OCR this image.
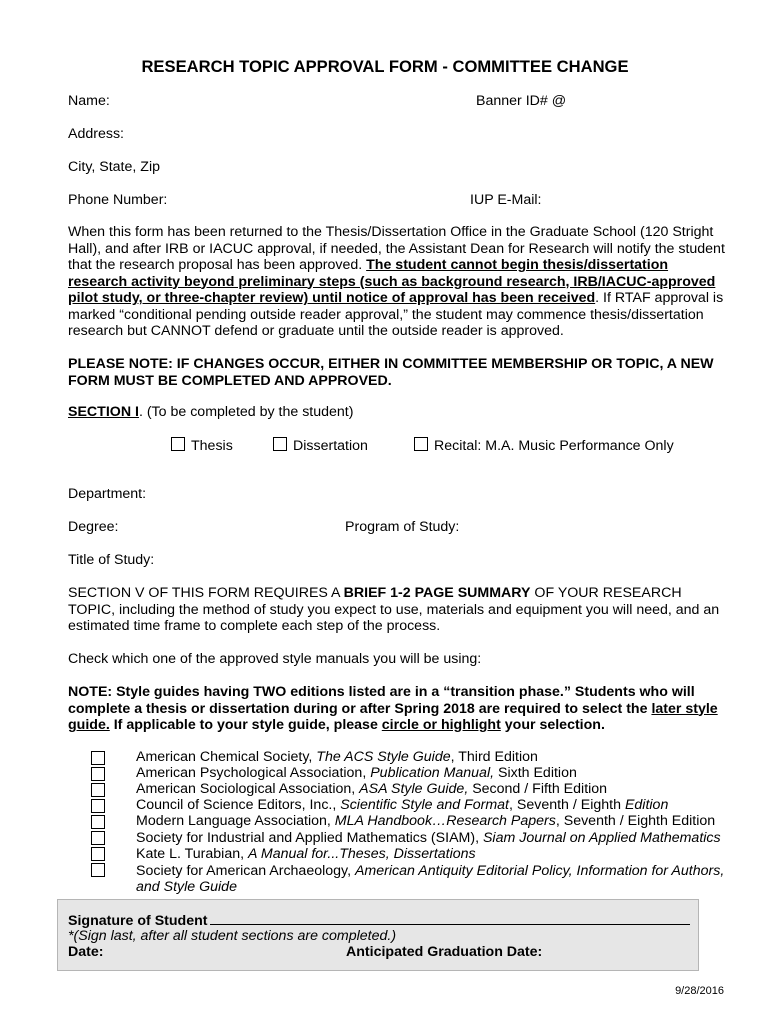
RESEARCH TOPIC APPROVAL FORM - COMMITTEE CHANGE
Name:	Banner ID# @
Address:
City, State, Zip
Phone Number:	IUP E-Mail:
When this form has been returned to the Thesis/Dissertation Office in the Graduate School (120 Stright Hall), and after IRB or IACUC approval, if needed, the Assistant Dean for Research will notify the student that the research proposal has been approved. The student cannot begin thesis/dissertation research activity beyond preliminary steps (such as background research, IRB/IACUC-approved pilot study, or three-chapter review) until notice of approval has been received. If RTAF approval is marked “conditional pending outside reader approval,” the student may commence thesis/dissertation research but CANNOT defend or graduate until the outside reader is approved.
PLEASE NOTE: IF CHANGES OCCUR, EITHER IN COMMITTEE MEMBERSHIP OR TOPIC, A NEW FORM MUST BE COMPLETED AND APPROVED.
SECTION I. (To be completed by the student)
Thesis	Dissertation	Recital: M.A. Music Performance Only
Department:
Degree:	Program of Study:
Title of Study:
SECTION V OF THIS FORM REQUIRES A BRIEF 1-2 PAGE SUMMARY OF YOUR RESEARCH TOPIC, including the method of study you expect to use, materials and equipment you will need, and an estimated time frame to complete each step of the process.
Check which one of the approved style manuals you will be using:
NOTE: Style guides having TWO editions listed are in a “transition phase.” Students who will complete a thesis or dissertation during or after Spring 2018 are required to select the later style guide. If applicable to your style guide, please circle or highlight your selection.
American Chemical Society, The ACS Style Guide, Third Edition
American Psychological Association, Publication Manual, Sixth Edition
American Sociological Association, ASA Style Guide, Second / Fifth Edition
Council of Science Editors, Inc., Scientific Style and Format, Seventh / Eighth Edition
Modern Language Association, MLA Handbook…Research Papers, Seventh / Eighth Edition
Society for Industrial and Applied Mathematics (SIAM), Siam Journal on Applied Mathematics
Kate L. Turabian, A Manual for...Theses, Dissertations
Society for American Archaeology, American Antiquity Editorial Policy, Information for Authors,
and Style Guide
Signature of Student
*(Sign last, after all student sections are completed.)
Date:	Anticipated Graduation Date:
9/28/2016
